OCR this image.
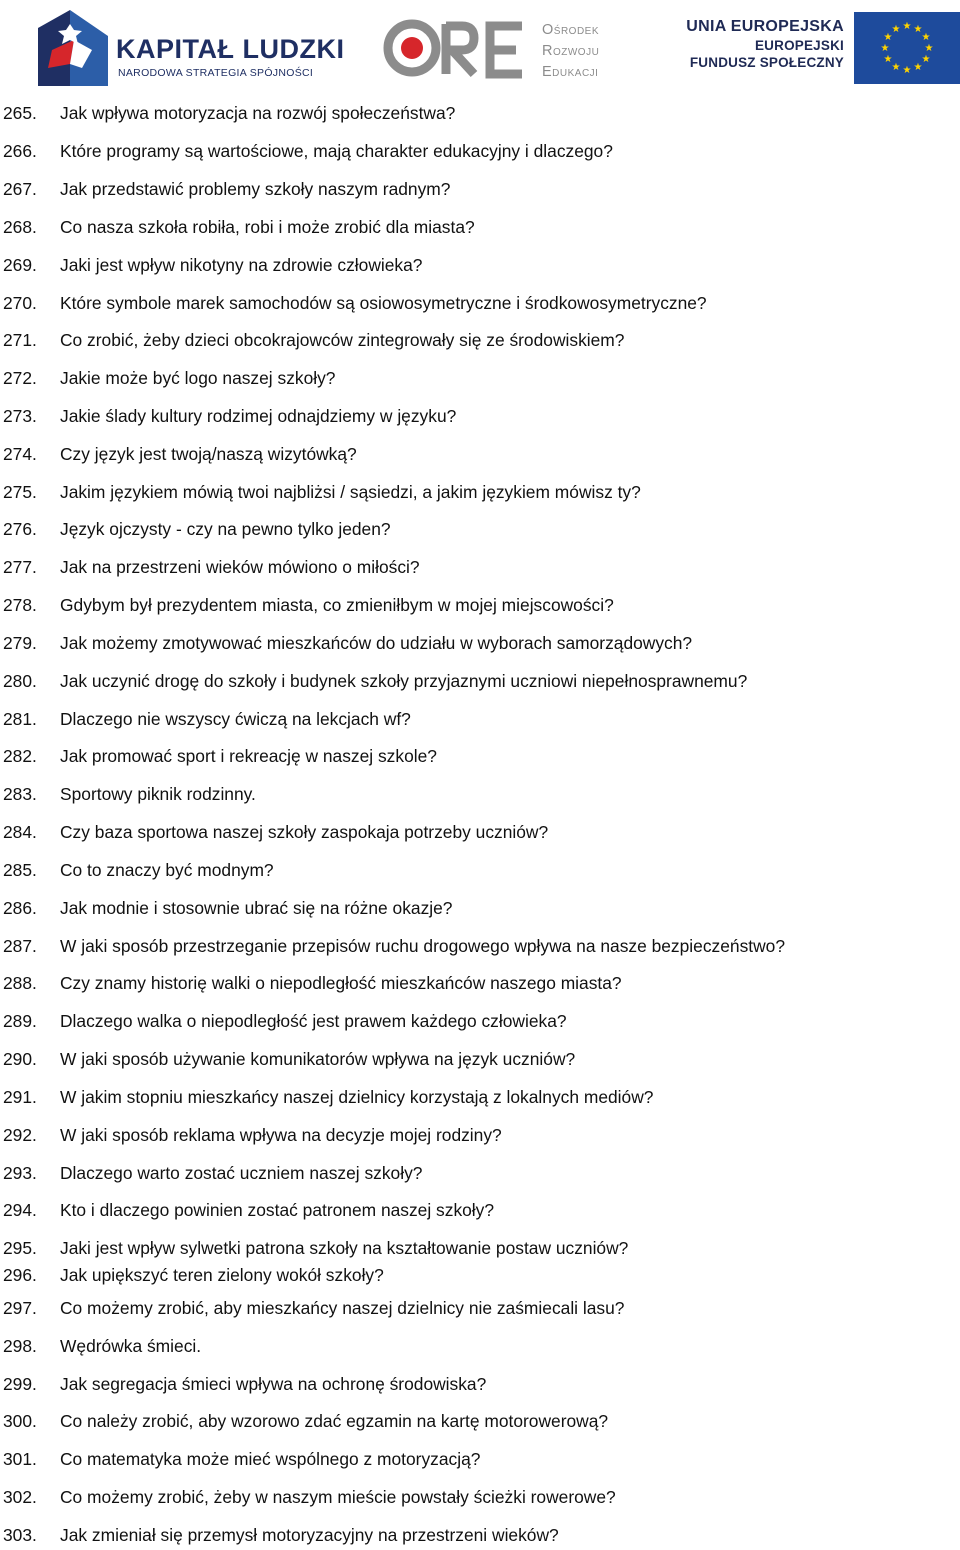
KAPITAŁ LUDZKI
NARODOWA STRATEGIA SPÓJNOŚCI
Ośrodek
Rozwoju
Edukacji
UNIA EUROPEJSKA
EUROPEJSKI
FUNDUSZ SPOŁECZNY
★ ★
★
★
★
★
★
★
★
★
★
★
265. Jak wpływa motoryzacja na rozwój społeczeństwa?
266. Które programy są wartościowe, mają charakter edukacyjny i dlaczego?
267. Jak przedstawić problemy szkoły naszym radnym?
268. Co nasza szkoła robiła, robi i może zrobić dla miasta?
269. Jaki jest wpływ nikotyny na zdrowie człowieka?
270. Które symbole marek samochodów są osiowosymetryczne i środkowosymetryczne?
271. Co zrobić, żeby dzieci obcokrajowców zintegrowały się ze środowiskiem?
272. Jakie może być logo naszej szkoły?
273. Jakie ślady kultury rodzimej odnajdziemy w języku?
274. Czy język jest twoją/naszą wizytówką?
275. Jakim językiem mówią twoi najbliżsi / sąsiedzi, a jakim językiem mówisz ty?
276. Język ojczysty - czy na pewno tylko jeden?
277. Jak na przestrzeni wieków mówiono o miłości?
278. Gdybym był prezydentem miasta, co zmieniłbym w mojej miejscowości?
279. Jak możemy zmotywować mieszkańców do udziału w wyborach samorządowych?
280. Jak uczynić drogę do szkoły i budynek szkoły przyjaznymi uczniowi niepełnosprawnemu?
281. Dlaczego nie wszyscy ćwiczą na lekcjach wf?
282. Jak promować sport i rekreację w naszej szkole?
283. Sportowy piknik rodzinny.
284. Czy baza sportowa naszej szkoły zaspokaja potrzeby uczniów?
285. Co to znaczy być modnym?
286. Jak modnie i stosownie ubrać się na różne okazje?
287. W jaki sposób przestrzeganie przepisów ruchu drogowego wpływa na nasze bezpieczeństwo?
288. Czy znamy historię walki o niepodległość mieszkańców naszego miasta?
289. Dlaczego walka o niepodległość jest prawem każdego człowieka?
290. W jaki sposób używanie komunikatorów wpływa na język uczniów?
291. W jakim stopniu mieszkańcy naszej dzielnicy korzystają z lokalnych mediów?
292. W jaki sposób reklama wpływa na decyzje mojej rodziny?
293. Dlaczego warto zostać uczniem naszej szkoły?
294. Kto i dlaczego powinien zostać patronem naszej szkoły?
295. Jaki jest wpływ sylwetki patrona szkoły na kształtowanie postaw uczniów?
296. Jak upiększyć teren zielony wokół szkoły?
297. Co możemy zrobić, aby mieszkańcy naszej dzielnicy nie zaśmiecali lasu?
298. Wędrówka śmieci.
299. Jak segregacja śmieci wpływa na ochronę środowiska?
300. Co należy zrobić, aby wzorowo zdać egzamin na kartę motorowerową?
301. Co matematyka może mieć wspólnego z motoryzacją?
302. Co możemy zrobić, żeby w naszym mieście powstały ścieżki rowerowe?
303. Jak zmieniał się przemysł motoryzacyjny na przestrzeni wieków?
